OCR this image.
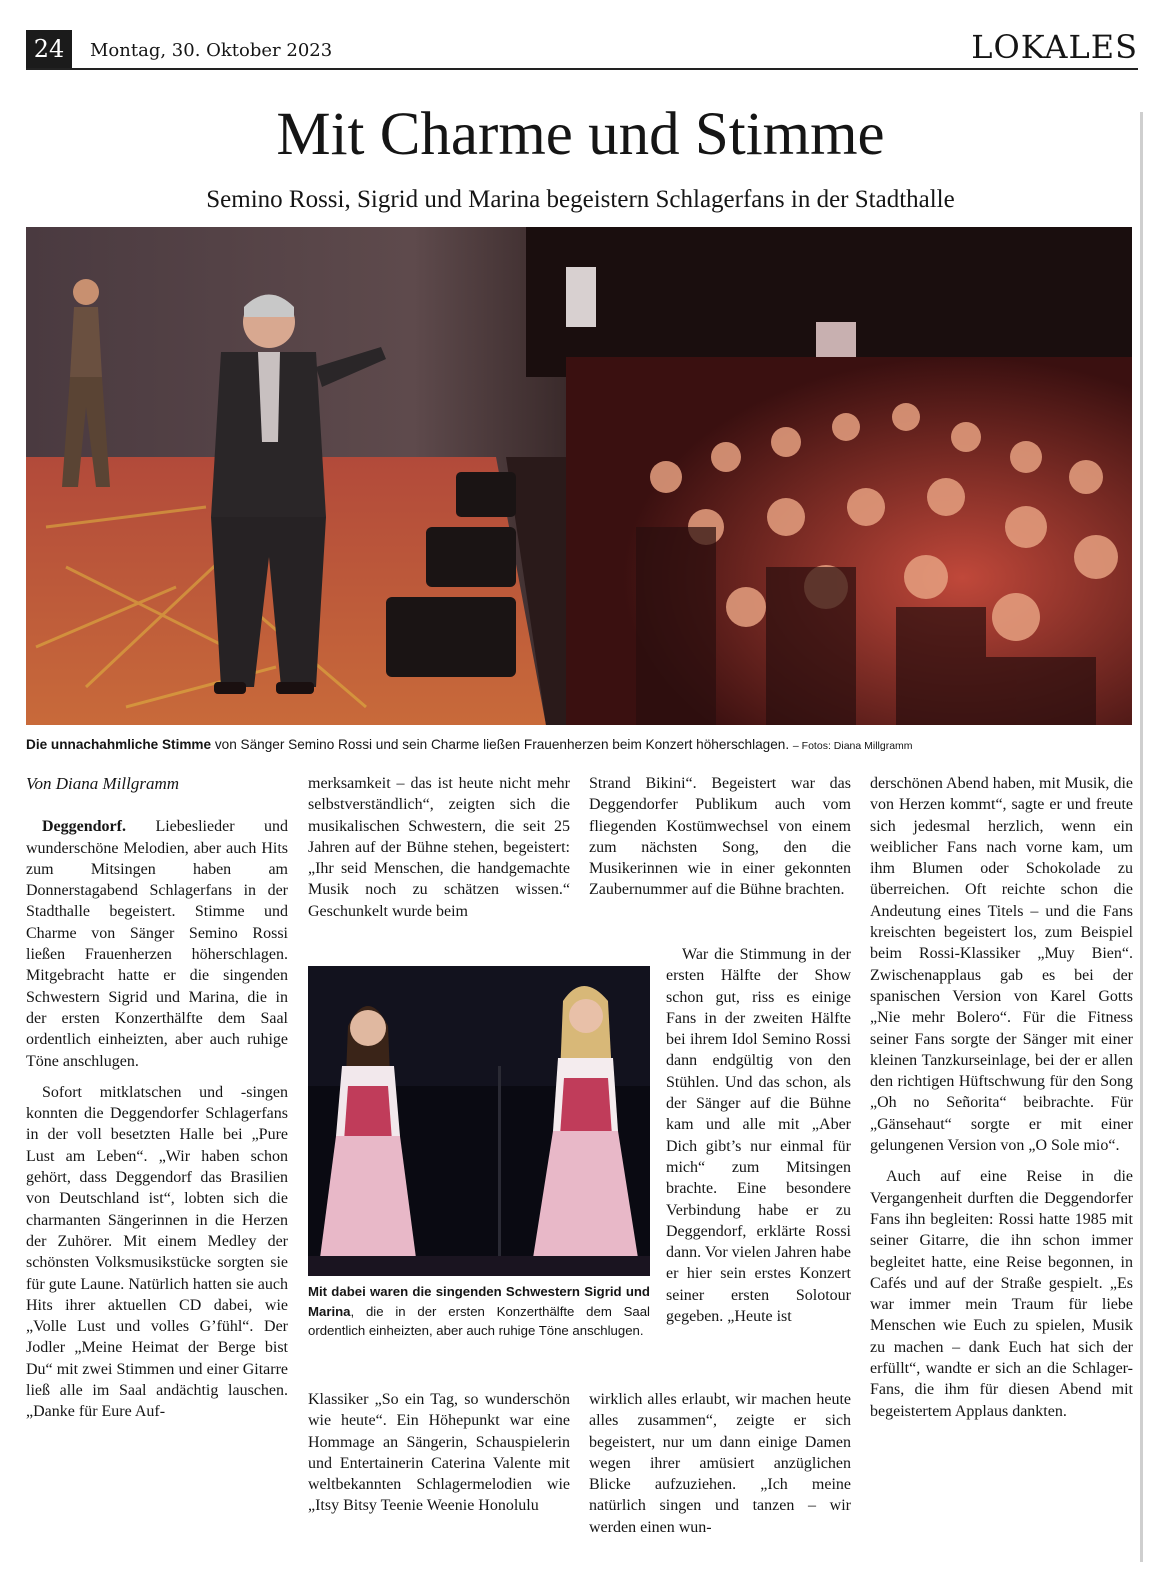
24	Montag, 30. Oktober 2023	LOKALES
Mit Charme und Stimme
Semino Rossi, Sigrid und Marina begeistern Schlagerfans in der Stadthalle
Die unnachahmliche Stimme von Sänger Semino Rossi und sein Charme ließen Frauenherzen beim Konzert höherschlagen. – Fotos: Diana Millgramm

Von Diana Millgramm

Deggendorf. Liebeslieder und wunderschöne Melodien, aber auch Hits zum Mitsingen haben am Donnerstagabend Schlagerfans in der Stadthalle begeistert. Stimme und Charme von Sänger Semino Rossi ließen Frauenherzen höherschlagen. Mitgebracht hatte er die singenden Schwestern Sigrid und Marina, die in der ersten Konzerthälfte dem Saal ordentlich einheizten, aber auch ruhige Töne anschlugen.

Sofort mitklatschen und -singen konnten die Deggendorfer Schlagerfans in der voll besetzten Halle bei „Pure Lust am Leben“. „Wir haben schon gehört, dass Deggendorf das Brasilien von Deutschland ist“, lobten sich die charmanten Sängerinnen in die Herzen der Zuhörer. Mit einem Medley der schönsten Volksmusikstücke sorgten sie für gute Laune. Natürlich hatten sie auch Hits ihrer aktuellen CD dabei, wie „Volle Lust und volles G’fühl“. Der Jodler „Meine Heimat der Berge bist Du“ mit zwei Stimmen und einer Gitarre ließ alle im Saal andächtig lauschen. „Danke für Eure Auf-

merksamkeit – das ist heute nicht mehr selbstverständlich“, zeigten sich die musikalischen Schwestern, die seit 25 Jahren auf der Bühne stehen, begeistert: „Ihr seid Menschen, die handgemachte Musik noch zu schätzen wissen.“ Geschunkelt wurde beim

Mit dabei waren die singenden Schwestern Sigrid und Marina, die in der ersten Konzerthälfte dem Saal ordentlich einheizten, aber auch ruhige Töne anschlugen.

Klassiker „So ein Tag, so wunderschön wie heute“. Ein Höhepunkt war eine Hommage an Sängerin, Schauspielerin und Entertainerin Caterina Valente mit weltbekannten Schlagermelodien wie „Itsy Bitsy Teenie Weenie Honolulu

Strand Bikini“. Begeistert war das Deggendorfer Publikum auch vom fliegenden Kostümwechsel von einem zum nächsten Song, den die Musikerinnen wie in einer gekonnten Zaubernummer auf die Bühne brachten.

War die Stimmung in der ersten Hälfte der Show schon gut, riss es einige Fans in der zweiten Hälfte bei ihrem Idol Semino Rossi dann endgültig von den Stühlen. Und das schon, als der Sänger auf die Bühne kam und alle mit „Aber Dich gibt’s nur einmal für mich“ zum Mitsingen brachte. Eine besondere Verbindung habe er zu Deggendorf, erklärte Rossi dann. Vor vielen Jahren habe er hier sein erstes Konzert seiner ersten Solotour gegeben. „Heute ist

wirklich alles erlaubt, wir machen heute alles zusammen“, zeigte er sich begeistert, nur um dann einige Damen wegen ihrer amüsiert anzüglichen Blicke aufzuziehen. „Ich meine natürlich singen und tanzen – wir werden einen wun-

derschönen Abend haben, mit Musik, die von Herzen kommt“, sagte er und freute sich jedesmal herzlich, wenn ein weiblicher Fans nach vorne kam, um ihm Blumen oder Schokolade zu überreichen. Oft reichte schon die Andeutung eines Titels – und die Fans kreischten begeistert los, zum Beispiel beim Rossi-Klassiker „Muy Bien“. Zwischenapplaus gab es bei der spanischen Version von Karel Gotts „Nie mehr Bolero“. Für die Fitness seiner Fans sorgte der Sänger mit einer kleinen Tanzkurseinlage, bei der er allen den richtigen Hüftschwung für den Song „Oh no Señorita“ beibrachte. Für „Gänsehaut“ sorgte er mit einer gelungenen Version von „O Sole mio“.

Auch auf eine Reise in die Vergangenheit durften die Deggendorfer Fans ihn begleiten: Rossi hatte 1985 mit seiner Gitarre, die ihn schon immer begleitet hatte, eine Reise begonnen, in Cafés und auf der Straße gespielt. „Es war immer mein Traum für liebe Menschen wie Euch zu spielen, Musik zu machen – dank Euch hat sich der erfüllt“, wandte er sich an die Schlager-Fans, die ihm für diesen Abend mit begeistertem Applaus dankten.
